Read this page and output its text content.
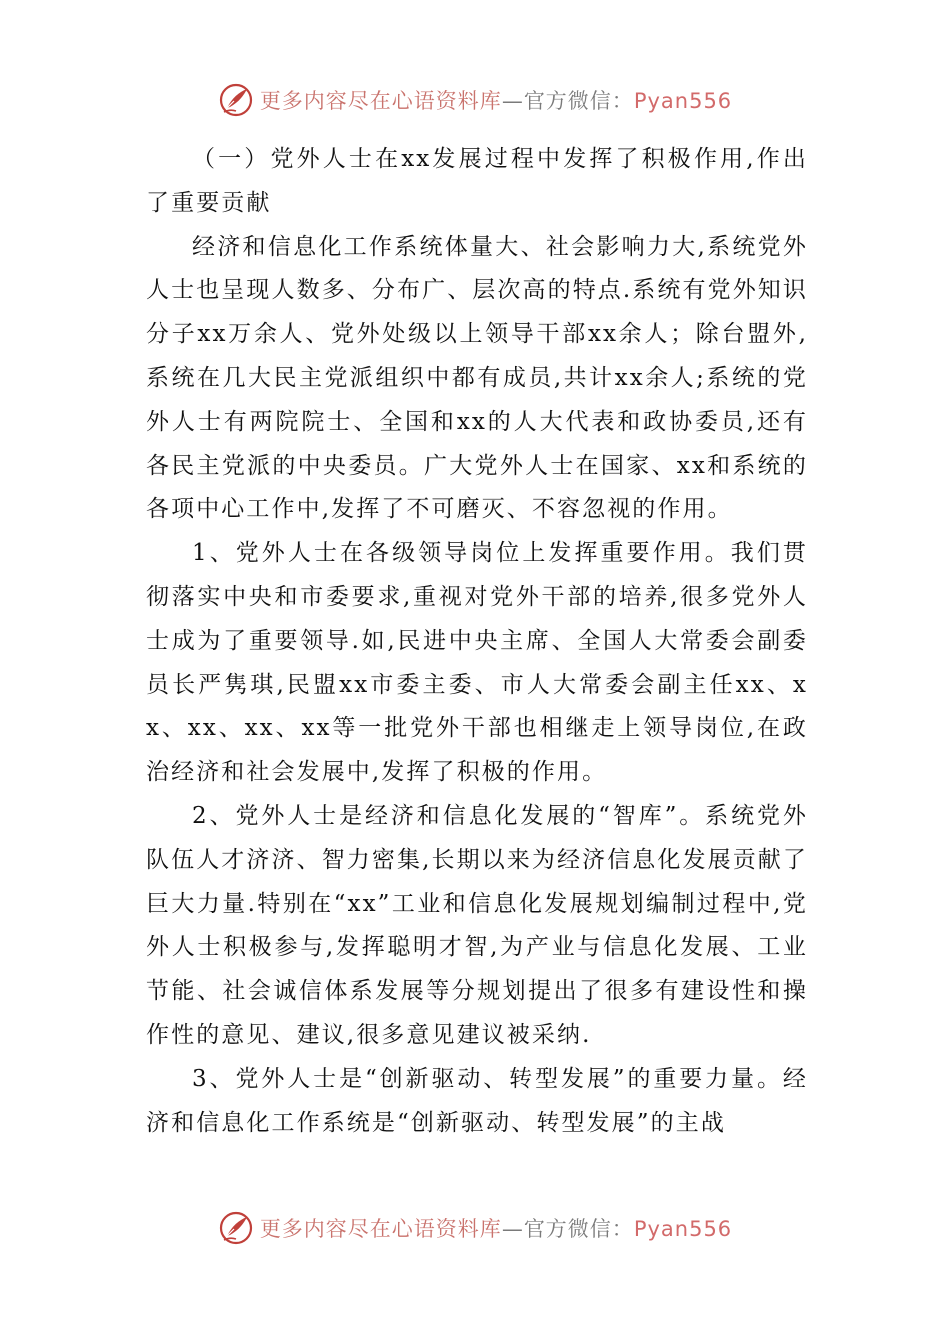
更多内容尽在心语资料库—官方微信：Pyan556

（一）党外人士在xx发展过程中发挥了积极作用,作出了重要贡献

经济和信息化工作系统体量大、社会影响力大,系统党外人士也呈现人数多、分布广、层次高的特点.系统有党外知识分子xx万余人、党外处级以上领导干部xx余人；除台盟外,系统在几大民主党派组织中都有成员,共计xx余人;系统的党外人士有两院院士、全国和xx的人大代表和政协委员,还有各民主党派的中央委员。广大党外人士在国家、xx和系统的各项中心工作中,发挥了不可磨灭、不容忽视的作用。

1、党外人士在各级领导岗位上发挥重要作用。我们贯彻落实中央和市委要求,重视对党外干部的培养,很多党外人士成为了重要领导.如,民进中央主席、全国人大常委会副委员长严隽琪,民盟xx市委主委、市人大常委会副主任xx、xx、xx、xx、xx等一批党外干部也相继走上领导岗位,在政治经济和社会发展中,发挥了积极的作用。

2、党外人士是经济和信息化发展的“智库”。系统党外队伍人才济济、智力密集,长期以来为经济信息化发展贡献了巨大力量.特别在“xx”工业和信息化发展规划编制过程中,党外人士积极参与,发挥聪明才智,为产业与信息化发展、工业节能、社会诚信体系发展等分规划提出了很多有建设性和操作性的意见、建议,很多意见建议被采纳.

3、党外人士是“创新驱动、转型发展”的重要力量。经济和信息化工作系统是“创新驱动、转型发展”的主战

更多内容尽在心语资料库—官方微信：Pyan556
